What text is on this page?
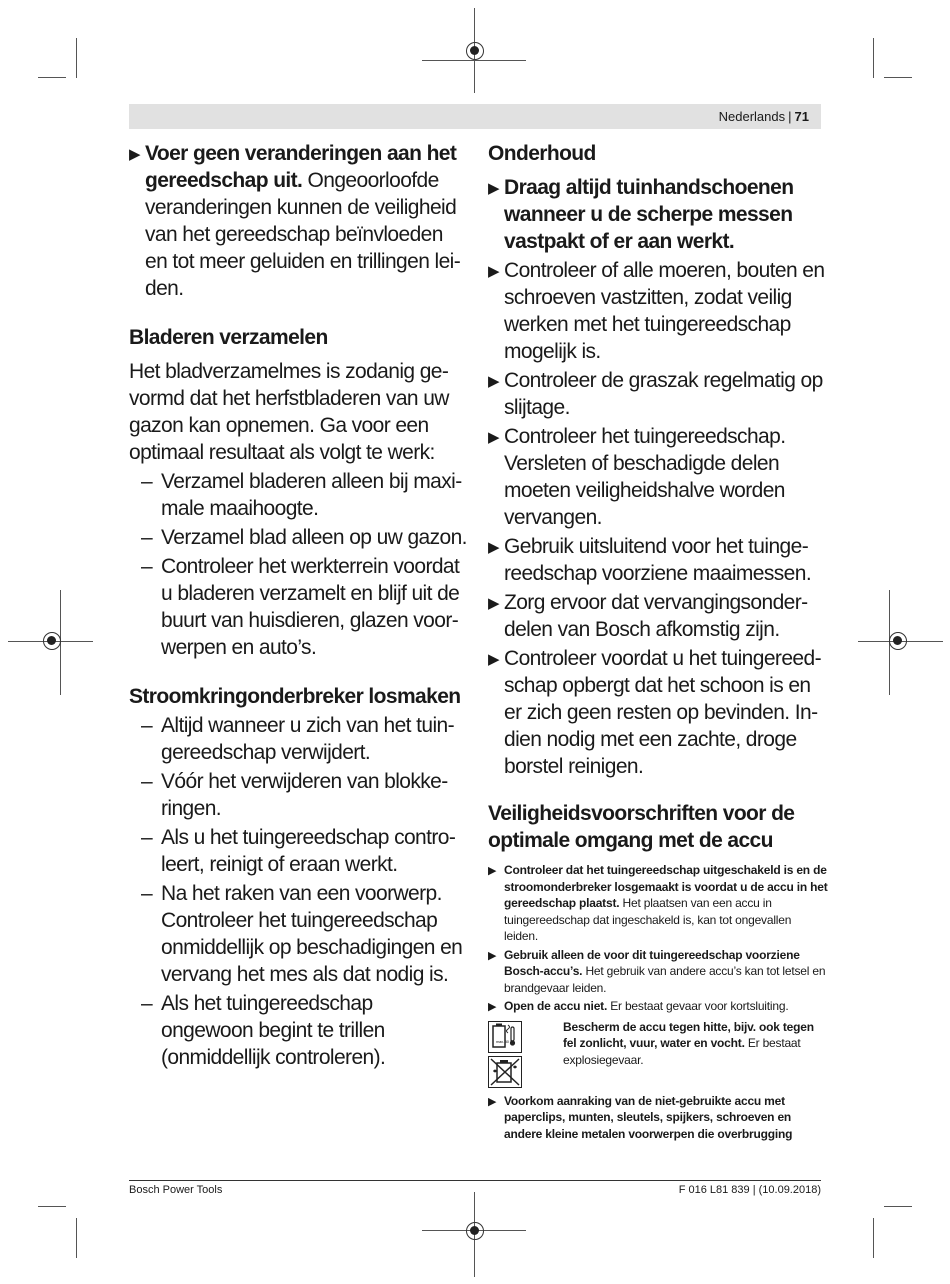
Nederlands | 71
▶ Voer geen veranderingen aan het gereedschap uit. Ongeoorloofde veranderingen kunnen de veiligheid van het gereedschap beïnvloeden en tot meer geluiden en trillingen leiden.
Bladeren verzamelen
Het bladverzamelmes is zodanig gevormd dat het herfstbladeren van uw gazon kan opnemen. Ga voor een optimaal resultaat als volgt te werk:
– Verzamel bladeren alleen bij maximale maaihoogte.
– Verzamel blad alleen op uw gazon.
– Controleer het werkterrein voordat u bladeren verzamelt en blijf uit de buurt van huisdieren, glazen voorwerpen en auto’s.
Stroomkringonderbreker losmaken
– Altijd wanneer u zich van het tuingereedschap verwijdert.
– Vóór het verwijderen van blokkeringen.
– Als u het tuingereedschap controleert, reinigt of eraan werkt.
– Na het raken van een voorwerp. Controleer het tuingereedschap onmiddellijk op beschadigingen en vervang het mes als dat nodig is.
– Als het tuingereedschap ongewoon begint te trillen (onmiddellijk controleren).
Onderhoud
▶ Draag altijd tuinhandschoenen wanneer u de scherpe messen vastpakt of er aan werkt.
▶ Controleer of alle moeren, bouten en schroeven vastzitten, zodat veilig werken met het tuingereedschap mogelijk is.
▶ Controleer de graszak regelmatig op slijtage.
▶ Controleer het tuingereedschap. Versleten of beschadigde delen moeten veiligheidshalve worden vervangen.
▶ Gebruik uitsluitend voor het tuingereedschap voorziene maaimessen.
▶ Zorg ervoor dat vervangingsonderdelen van Bosch afkomstig zijn.
▶ Controleer voordat u het tuingereedschap opbergt dat het schoon is en er zich geen resten op bevinden. Indien nodig met een zachte, droge borstel reinigen.
Veiligheidsvoorschriften voor de optimale omgang met de accu
▶ Controleer dat het tuingereedschap uitgeschakeld is en de stroomonderbreker losgemaakt is voordat u de accu in het gereedschap plaatst. Het plaatsen van een accu in tuingereedschap dat ingeschakeld is, kan tot ongevallen leiden.
▶ Gebruik alleen de voor dit tuingereedschap voorziene Bosch-accu’s. Het gebruik van andere accu’s kan tot letsel en brandgevaar leiden.
▶ Open de accu niet. Er bestaat gevaar voor kortsluiting.
max. 50 °C
Bescherm de accu tegen hitte, bijv. ook tegen fel zonlicht, vuur, water en vocht. Er bestaat explosiegevaar.
▶ Voorkom aanraking van de niet-gebruikte accu met paperclips, munten, sleutels, spijkers, schroeven en andere kleine metalen voorwerpen die overbrugging
Bosch Power Tools	F 016 L81 839 | (10.09.2018)
